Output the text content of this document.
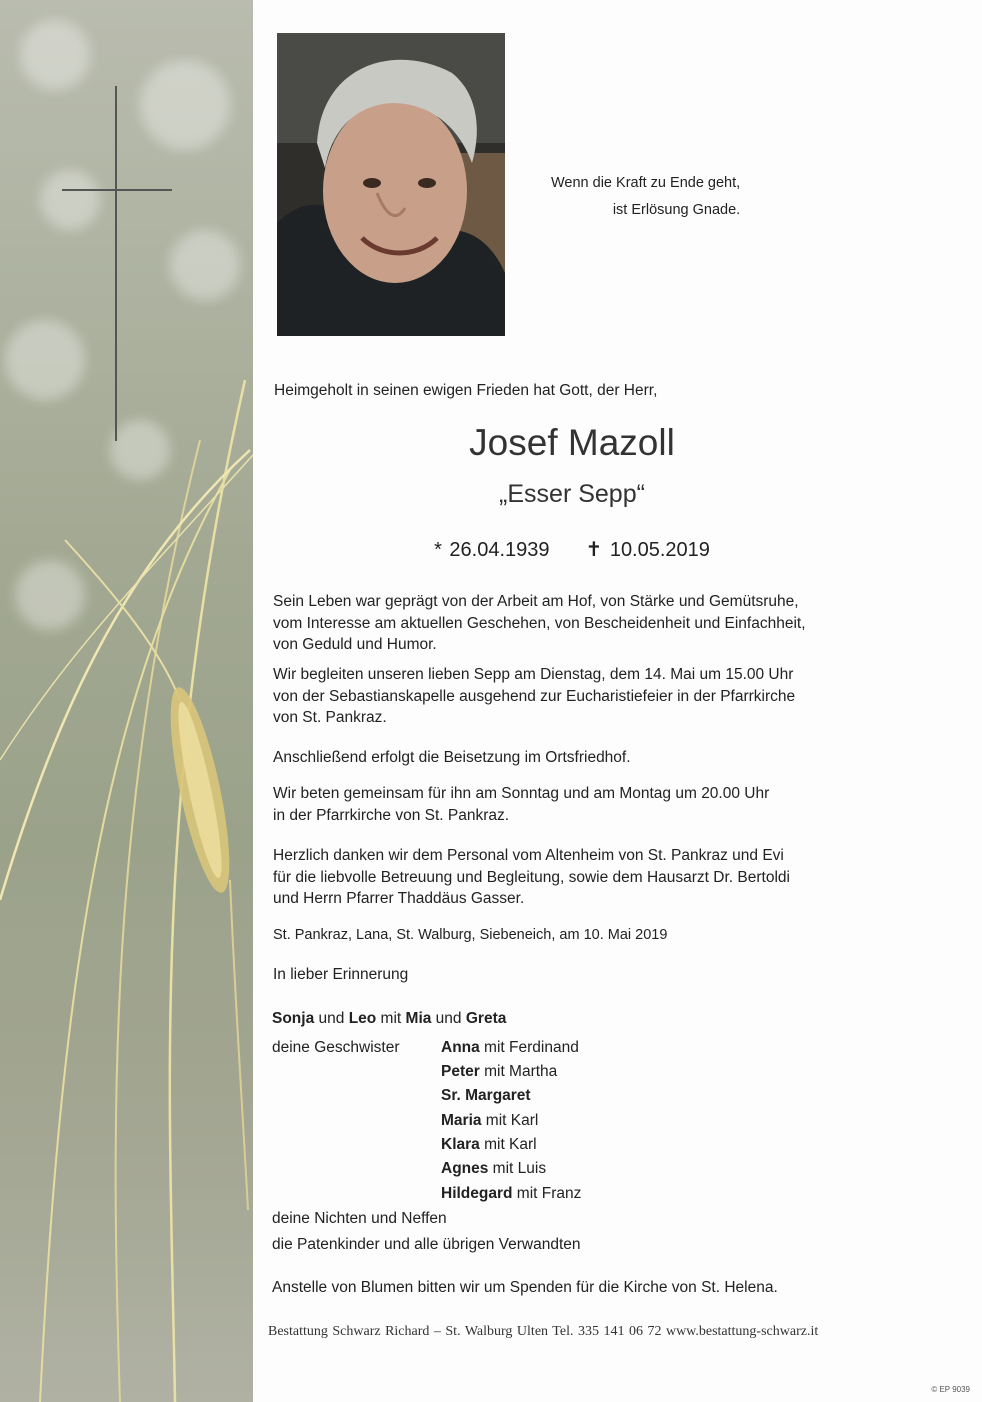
Wenn die Kraft zu Ende geht,
ist Erlösung Gnade.
Heimgeholt in seinen ewigen Frieden hat Gott, der Herr,
Josef Mazoll
„Esser Sepp“
* 26.04.1939 ✝ 10.05.2019
Sein Leben war geprägt von der Arbeit am Hof, von Stärke und Gemütsruhe,
vom Interesse am aktuellen Geschehen, von Bescheidenheit und Einfachheit,
von Geduld und Humor.
Wir begleiten unseren lieben Sepp am Dienstag, dem 14. Mai um 15.00 Uhr
von der Sebastianskapelle ausgehend zur Eucharistiefeier in der Pfarrkirche
von St. Pankraz.
Anschließend erfolgt die Beisetzung im Ortsfriedhof.
Wir beten gemeinsam für ihn am Sonntag und am Montag um 20.00 Uhr
in der Pfarrkirche von St. Pankraz.
Herzlich danken wir dem Personal vom Altenheim von St. Pankraz und Evi
für die liebvolle Betreuung und Begleitung, sowie dem Hausarzt Dr. Bertoldi
und Herrn Pfarrer Thaddäus Gasser.
St. Pankraz, Lana, St. Walburg, Siebeneich, am 10. Mai 2019
In lieber Erinnerung
Sonja und Leo mit Mia und Greta
deine Geschwister	Anna mit Ferdinand
Peter mit Martha
Sr. Margaret
Maria mit Karl
Klara mit Karl
Agnes mit Luis
Hildegard mit Franz
deine Nichten und Neffen
die Patenkinder und alle übrigen Verwandten
Anstelle von Blumen bitten wir um Spenden für die Kirche von St. Helena.
Bestattung Schwarz Richard – St. Walburg Ulten Tel. 335 141 06 72 www.bestattung-schwarz.it
© EP 9039
